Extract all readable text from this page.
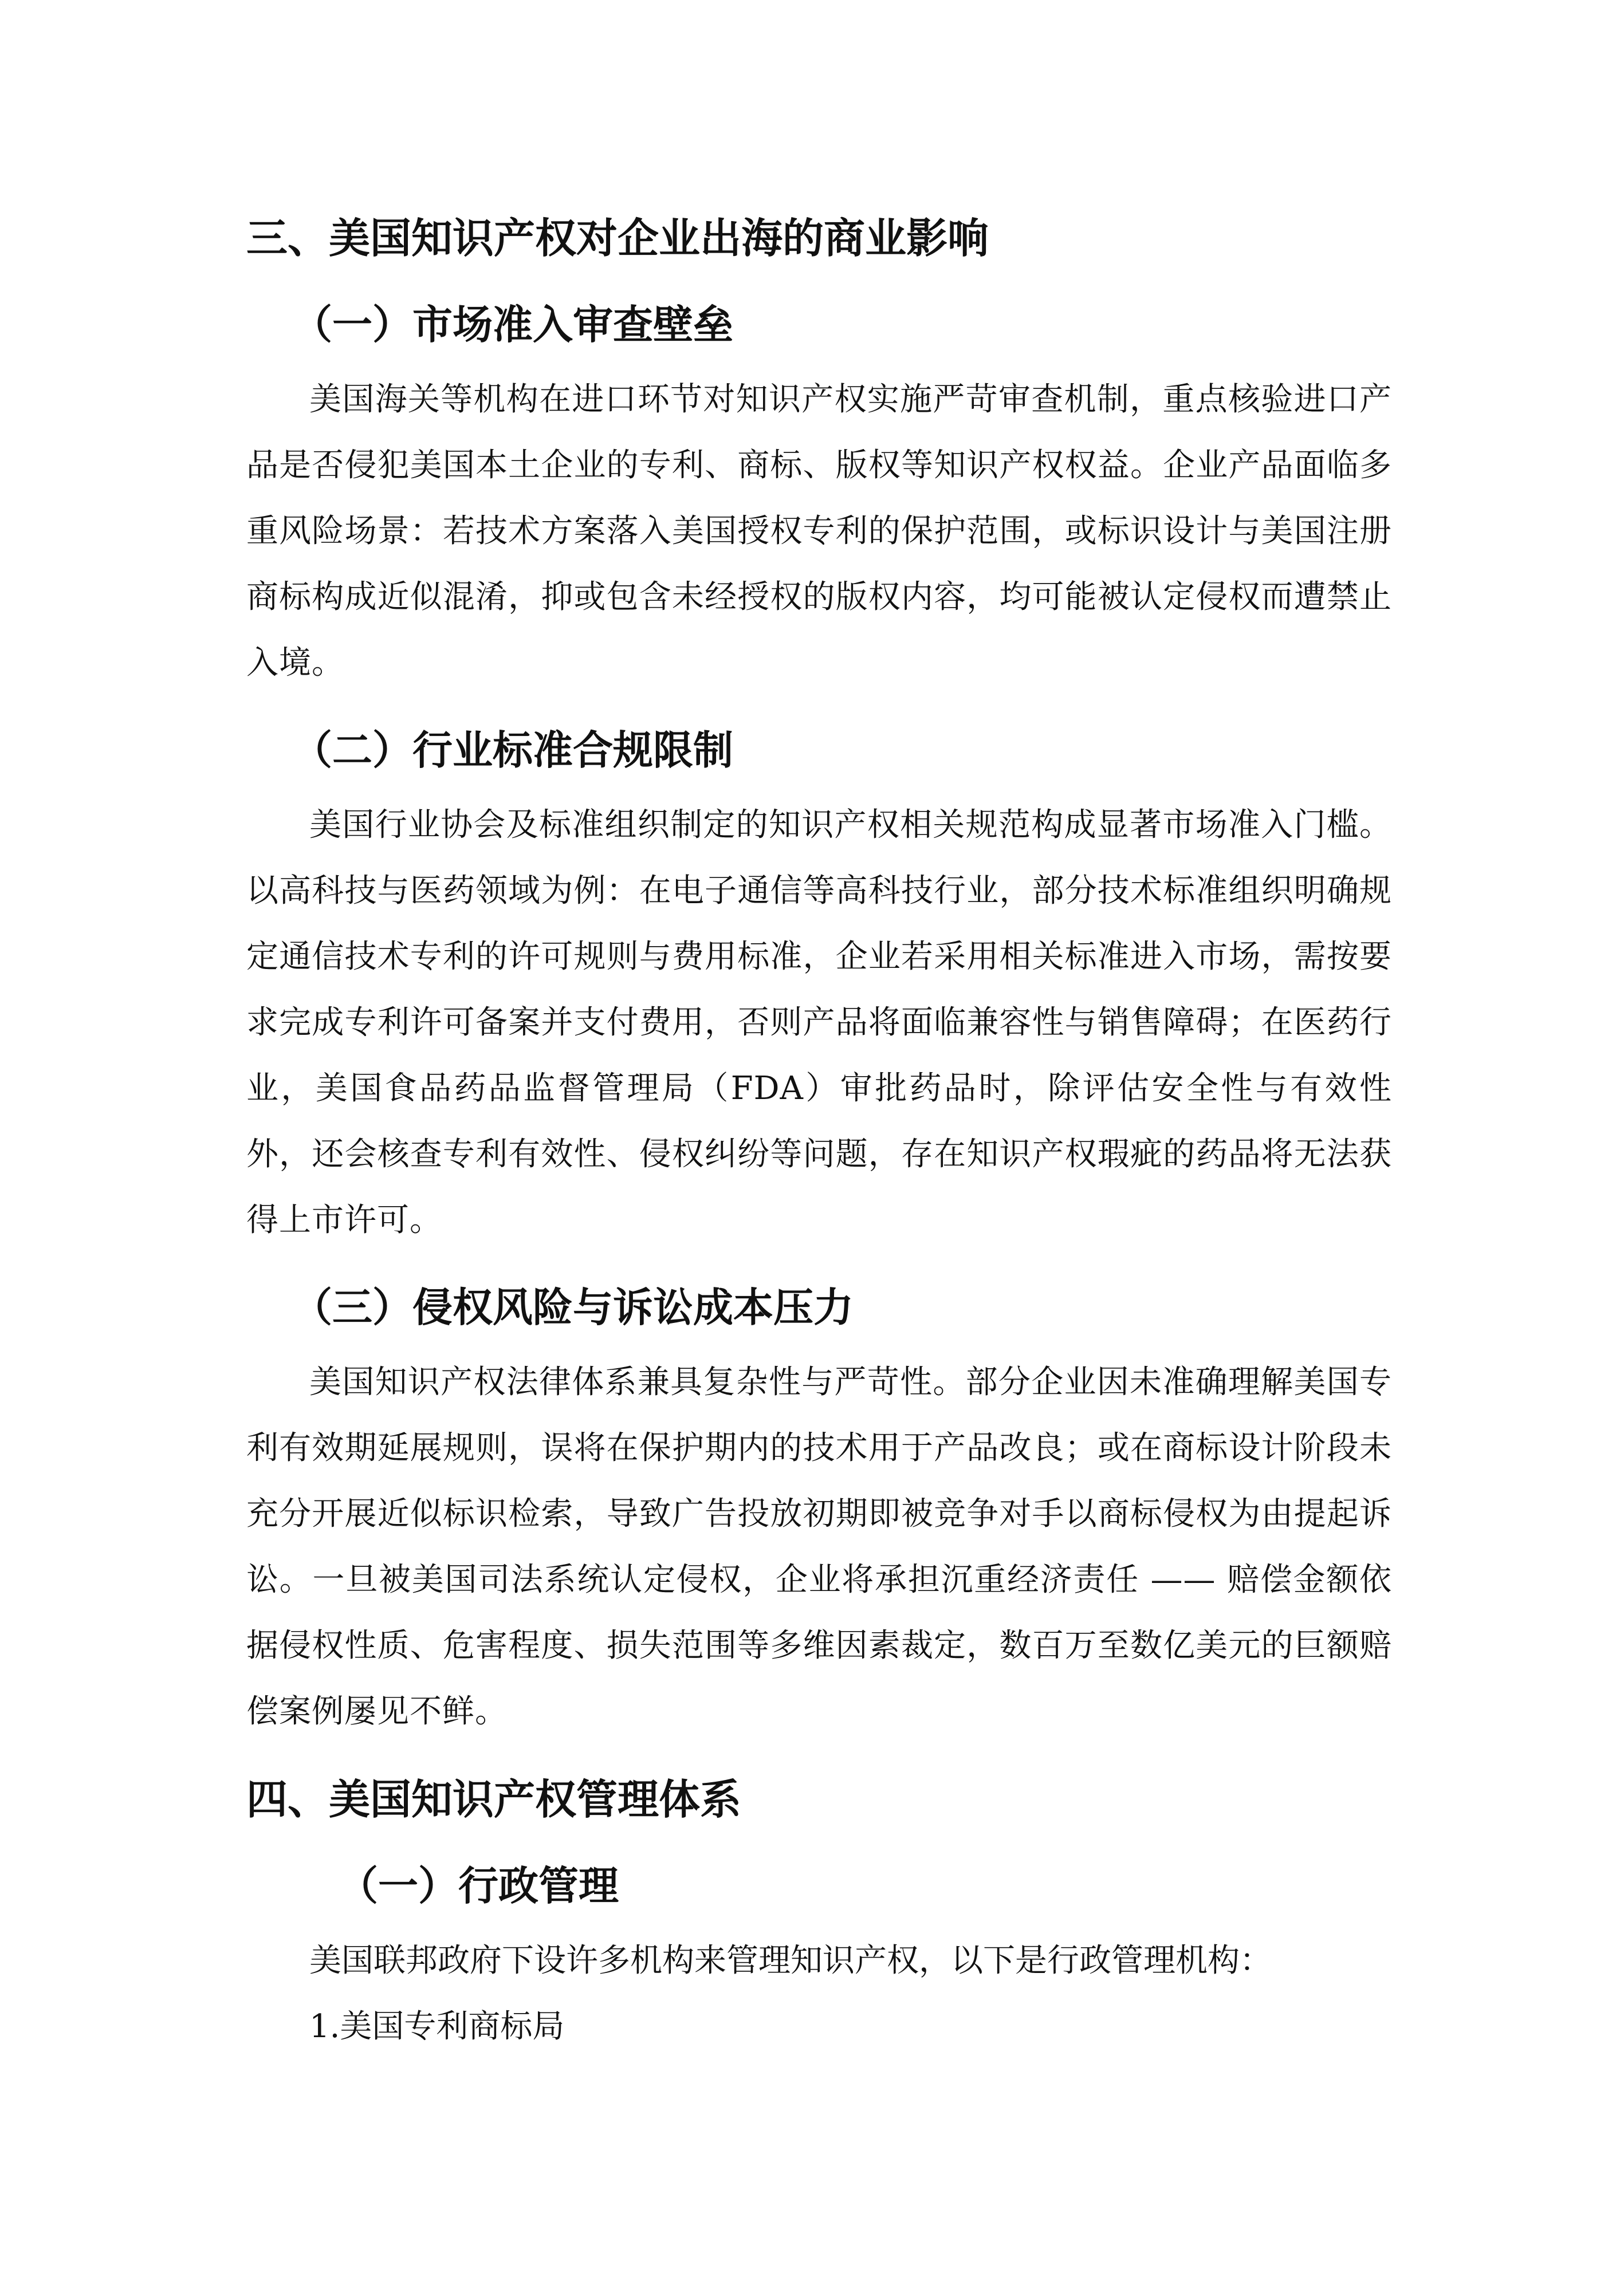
三、美国知识产权对企业出海的商业影响
（一）市场准入审查壁垒

美国海关等机构在进口环节对知识产权实施严苛审查机制，重点核验进口产品是否侵犯美国本土企业的专利、商标、版权等知识产权权益。企业产品面临多重风险场景：若技术方案落入美国授权专利的保护范围，或标识设计与美国注册商标构成近似混淆，抑或包含未经授权的版权内容，均可能被认定侵权而遭禁止入境。

（二）行业标准合规限制

美国行业协会及标准组织制定的知识产权相关规范构成显著市场准入门槛。以高科技与医药领域为例：在电子通信等高科技行业，部分技术标准组织明确规定通信技术专利的许可规则与费用标准，企业若采用相关标准进入市场，需按要求完成专利许可备案并支付费用，否则产品将面临兼容性与销售障碍；在医药行业，美国食品药品监督管理局（FDA）审批药品时，除评估安全性与有效性外，还会核查专利有效性、侵权纠纷等问题，存在知识产权瑕疵的药品将无法获得上市许可。

（三）侵权风险与诉讼成本压力

美国知识产权法律体系兼具复杂性与严苛性。部分企业因未准确理解美国专利有效期延展规则，误将在保护期内的技术用于产品改良；或在商标设计阶段未充分开展近似标识检索，导致广告投放初期即被竞争对手以商标侵权为由提起诉讼。一旦被美国司法系统认定侵权，企业将承担沉重经济责任 —— 赔偿金额依据侵权性质、危害程度、损失范围等多维因素裁定，数百万至数亿美元的巨额赔偿案例屡见不鲜。

四、美国知识产权管理体系
（一）行政管理

美国联邦政府下设许多机构来管理知识产权，以下是行政管理机构：

1.美国专利商标局
